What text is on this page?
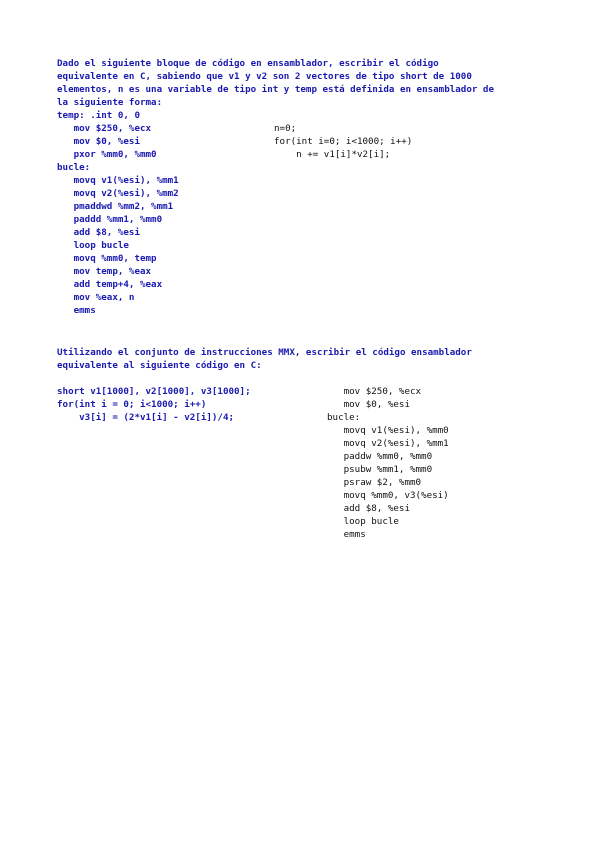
Dado el siguiente bloque de código en ensamblador, escribir el código
equivalente en C, sabiendo que v1 y v2 son 2 vectores de tipo short de 1000
elementos, n es una variable de tipo int y temp está definida en ensamblador de
la siguiente forma:
temp: .int 0, 0
mov $250, %ecx
mov $0, %esi
pxor %mm0, %mm0
bucle:
movq v1(%esi), %mm1
movq v2(%esi), %mm2
pmaddwd %mm2, %mm1
paddd %mm1, %mm0
add $8, %esi
loop bucle
movq %mm0, temp
mov temp, %eax
add temp+4, %eax
mov %eax, n
emms
n=0;
for(int i=0; i<1000; i++)
n += v1[i]*v2[i];
Utilizando el conjunto de instrucciones MMX, escribir el código ensamblador
equivalente al siguiente código en C:
short v1[1000], v2[1000], v3[1000];
for(int i = 0; i<1000; i++)
v3[i] = (2*v1[i] - v2[i])/4;
mov $250, %ecx
mov $0, %esi
bucle:
movq v1(%esi), %mm0
movq v2(%esi), %mm1
paddw %mm0, %mm0
psubw %mm1, %mm0
psraw $2, %mm0
movq %mm0, v3(%esi)
add $8, %esi
loop bucle
emms
